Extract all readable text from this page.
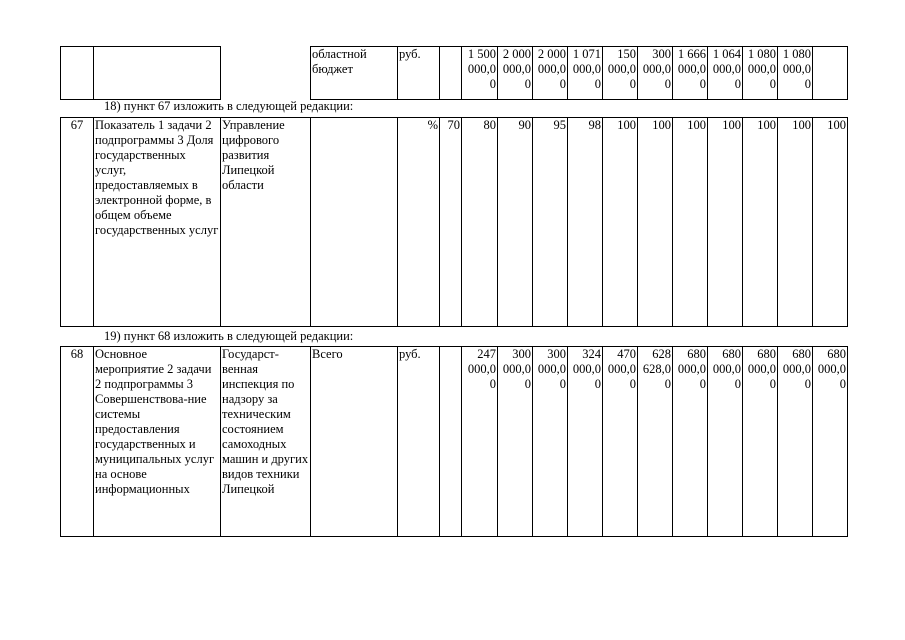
			областной бюджет	руб.		1 500
000,0
0	2 000
000,0
0	2 000
000,0
0	1 071
000,0
0	150
000,0
0	300
000,0
0	1 666
000,0
0	1 064
000,0
0	1 080
000,0
0	1 080
000,0
0	
18) пункт 67 изложить в следующей редакции:
67	Показатель 1 задачи 2 подпрограммы 3 Доля государственных услуг, предоставляемых в электронной форме, в общем объеме государственных услуг	Управление цифрового развития Липецкой области		%	70	80	90	95	98	100	100	100	100	100	100	100
19) пункт 68 изложить в следующей редакции:
68	Основное мероприятие 2 задачи 2 подпрограммы 3 Совершенствова-ние системы предоставления государственных и муниципальных услуг на основе информационных	Государст-венная инспекция по надзору за техническим состоянием самоходных машин и других видов техники Липецкой	Всего	руб.		247
000,0
0	300
000,0
0	300
000,0
0	324
000,0
0	470
000,0
0	628
628,0
0	680
000,0
0	680
000,0
0	680
000,0
0	680
000,0
0	680
000,0
0
